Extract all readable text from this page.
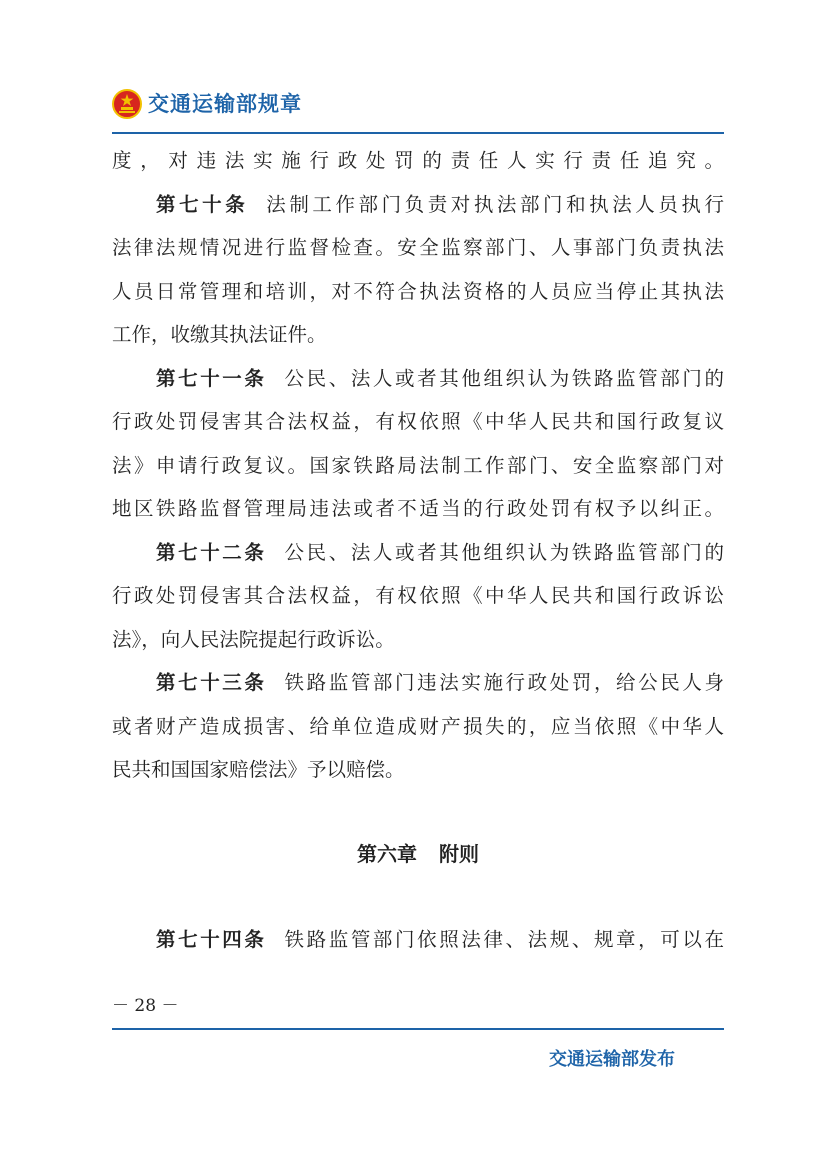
交通运输部规章
度，对违法实施行政处罚的责任人实行责任追究。
第七十条 法制工作部门负责对执法部门和执法人员执行
法律法规情况进行监督检查。安全监察部门、人事部门负责执法
人员日常管理和培训，对不符合执法资格的人员应当停止其执法
工作，收缴其执法证件。
第七十一条 公民、法人或者其他组织认为铁路监管部门的
行政处罚侵害其合法权益，有权依照《中华人民共和国行政复议
法》申请行政复议。国家铁路局法制工作部门、安全监察部门对
地区铁路监督管理局违法或者不适当的行政处罚有权予以纠正。
第七十二条 公民、法人或者其他组织认为铁路监管部门的
行政处罚侵害其合法权益，有权依照《中华人民共和国行政诉讼
法》，向人民法院提起行政诉讼。
第七十三条 铁路监管部门违法实施行政处罚，给公民人身
或者财产造成损害、给单位造成财产损失的，应当依照《中华人
民共和国国家赔偿法》予以赔偿。
第六章 附则
第七十四条 铁路监管部门依照法律、法规、规章，可以在
－ 28 －
交通运输部发布
